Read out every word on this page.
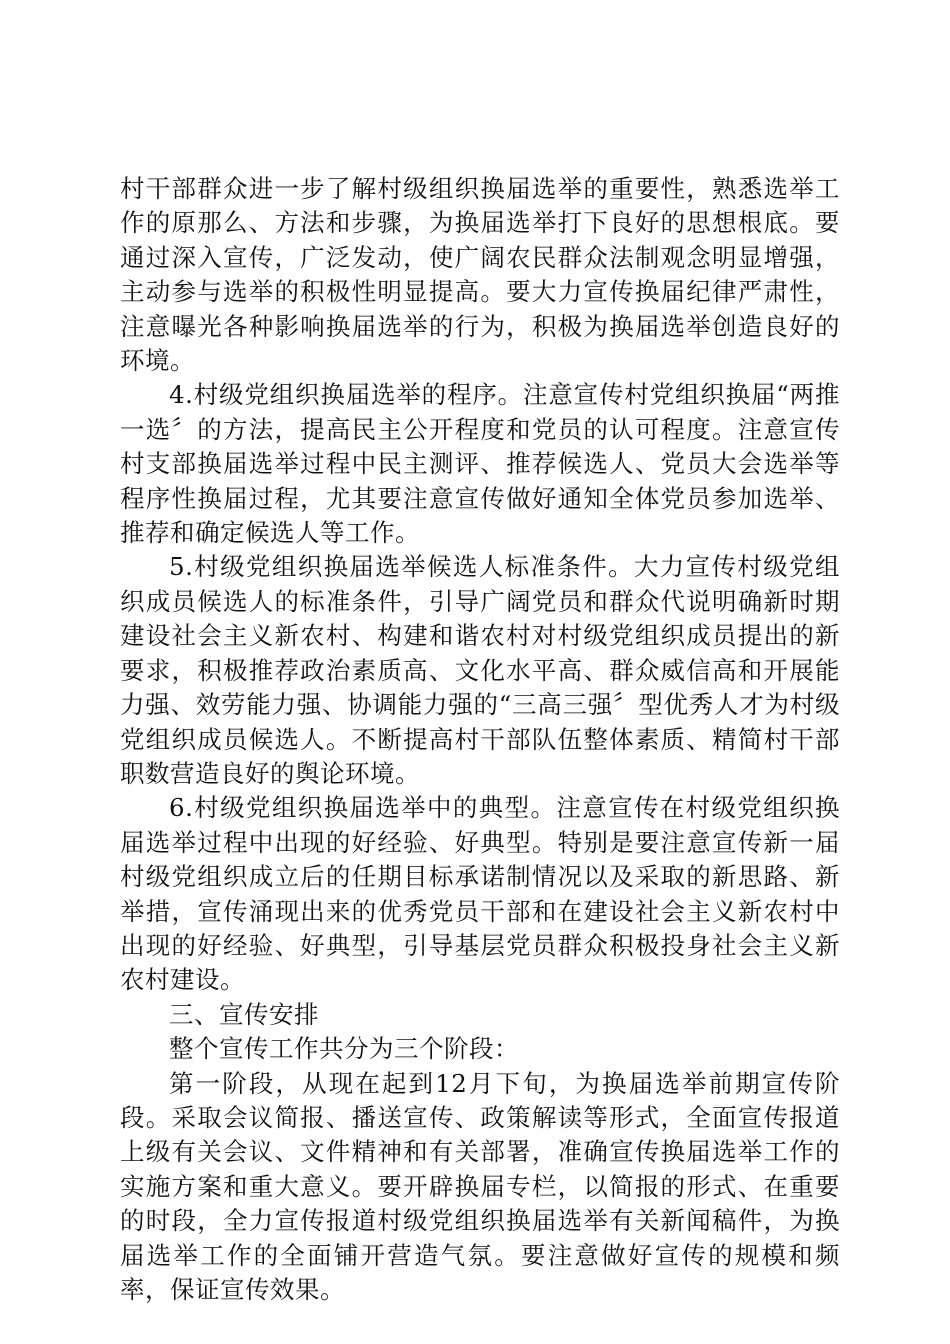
村干部群众进一步了解村级组织换届选举的重要性，熟悉选举工作的原那么、方法和步骤，为换届选举打下良好的思想根底。要通过深入宣传，广泛发动，使广阔农民群众法制观念明显增强，主动参与选举的积极性明显提高。要大力宣传换届纪律严肃性，注意曝光各种影响换届选举的行为，积极为换届选举创造良好的环境。

4.村级党组织换届选举的程序。注意宣传村党组织换届“两推一选〞的方法，提高民主公开程度和党员的认可程度。注意宣传村支部换届选举过程中民主测评、推荐候选人、党员大会选举等程序性换届过程，尤其要注意宣传做好通知全体党员参加选举、推荐和确定候选人等工作。

5.村级党组织换届选举候选人标准条件。大力宣传村级党组织成员候选人的标准条件，引导广阔党员和群众代说明确新时期建设社会主义新农村、构建和谐农村对村级党组织成员提出的新要求，积极推荐政治素质高、文化水平高、群众威信高和开展能力强、效劳能力强、协调能力强的“三高三强〞型优秀人才为村级党组织成员候选人。不断提高村干部队伍整体素质、精简村干部职数营造良好的舆论环境。

6.村级党组织换届选举中的典型。注意宣传在村级党组织换届选举过程中出现的好经验、好典型。特别是要注意宣传新一届村级党组织成立后的任期目标承诺制情况以及采取的新思路、新举措，宣传涌现出来的优秀党员干部和在建设社会主义新农村中出现的好经验、好典型，引导基层党员群众积极投身社会主义新农村建设。

三、宣传安排

整个宣传工作共分为三个阶段：

第一阶段，从现在起到12月下旬，为换届选举前期宣传阶段。采取会议简报、播送宣传、政策解读等形式，全面宣传报道上级有关会议、文件精神和有关部署，准确宣传换届选举工作的实施方案和重大意义。要开辟换届专栏，以简报的形式、在重要的时段，全力宣传报道村级党组织换届选举有关新闻稿件，为换届选举工作的全面铺开营造气氛。要注意做好宣传的规模和频率，保证宣传效果。
